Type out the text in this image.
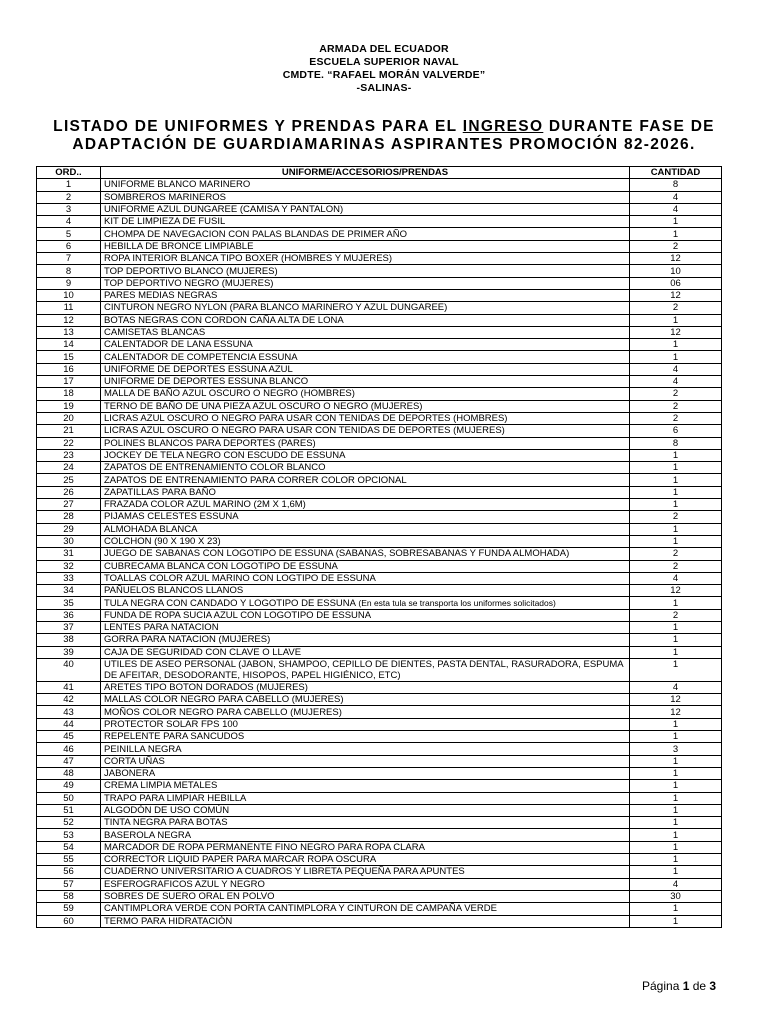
ARMADA DEL ECUADOR
ESCUELA SUPERIOR NAVAL
CMDTE. “RAFAEL MORÁN VALVERDE”
-SALINAS-
LISTADO DE UNIFORMES Y PRENDAS PARA EL INGRESO DURANTE FASE DE
ADAPTACIÓN DE GUARDIAMARINAS ASPIRANTES PROMOCIÓN 82-2026.
ORD..	UNIFORME/ACCESORIOS/PRENDAS	CANTIDAD
1	UNIFORME BLANCO MARINERO	8
2	SOMBREROS MARINEROS	4
3	UNIFORME AZUL DUNGAREE (CAMISA Y PANTALON)	4
4	KIT DE LIMPIEZA DE FUSIL	1
5	CHOMPA DE NAVEGACION CON PALAS BLANDAS DE PRIMER AÑO	1
6	HEBILLA DE BRONCE LIMPIABLE	2
7	ROPA INTERIOR BLANCA TIPO BOXER (HOMBRES Y MUJERES)	12
8	TOP DEPORTIVO BLANCO (MUJERES)	10
9	TOP DEPORTIVO NEGRO (MUJERES)	06
10	PARES MEDIAS NEGRAS	12
11	CINTURON NEGRO NYLON (PARA BLANCO MARINERO Y AZUL DUNGAREE)	2
12	BOTAS NEGRAS CON CORDON CAÑA ALTA DE LONA	1
13	CAMISETAS BLANCAS	12
14	CALENTADOR DE LANA ESSUNA	1
15	CALENTADOR DE COMPETENCIA ESSUNA	1
16	UNIFORME DE DEPORTES ESSUNA AZUL	4
17	UNIFORME DE DEPORTES ESSUNA BLANCO	4
18	MALLA DE BAÑO AZUL OSCURO O NEGRO (HOMBRES)	2
19	TERNO DE BAÑO DE UNA PIEZA AZUL OSCURO O NEGRO (MUJERES)	2
20	LICRAS AZUL OSCURO O NEGRO PARA USAR CON TENIDAS DE DEPORTES (HOMBRES)	2
21	LICRAS AZUL OSCURO O NEGRO PARA USAR CON TENIDAS DE DEPORTES (MUJERES)	6
22	POLINES BLANCOS PARA DEPORTES (PARES)	8
23	JOCKEY DE TELA NEGRO CON ESCUDO DE ESSUNA	1
24	ZAPATOS DE ENTRENAMIENTO COLOR BLANCO	1
25	ZAPATOS DE ENTRENAMIENTO PARA CORRER COLOR OPCIONAL	1
26	ZAPATILLAS PARA BAÑO	1
27	FRAZADA COLOR AZUL MARINO (2M X 1,6M)	1
28	PIJAMAS CELESTES ESSUNA	2
29	ALMOHADA BLANCA	1
30	COLCHON (90 X 190 X 23)	1
31	JUEGO DE SABANAS CON LOGOTIPO DE ESSUNA (SABANAS, SOBRESABANAS Y FUNDA ALMOHADA)	2
32	CUBRECAMA BLANCA CON LOGOTIPO DE ESSUNA	2
33	TOALLAS COLOR AZUL MARINO CON LOGTIPO DE ESSUNA	4
34	PAÑUELOS BLANCOS LLANOS	12
35	TULA NEGRA CON CANDADO Y LOGOTIPO DE ESSUNA (En esta tula se transporta los uniformes solicitados)	1
36	FUNDA DE ROPA SUCIA AZUL CON LOGOTIPO DE ESSUNA	2
37	LENTES PARA NATACION	1
38	GORRA PARA NATACION (MUJERES)	1
39	CAJA DE SEGURIDAD CON CLAVE O LLAVE	1
40	UTILES DE ASEO PERSONAL (JABON, SHAMPOO, CEPILLO DE DIENTES, PASTA DENTAL, RASURADORA, ESPUMA DE AFEITAR, DESODORANTE, HISOPOS, PAPEL HIGIÉNICO, ETC)	1
41	ARETES TIPO BOTON DORADOS (MUJERES)	4
42	MALLAS COLOR NEGRO PARA CABELLO (MUJERES)	12
43	MOÑOS COLOR NEGRO PARA CABELLO (MUJERES)	12
44	PROTECTOR SOLAR FPS 100	1
45	REPELENTE PARA SANCUDOS	1
46	PEINILLA NEGRA	3
47	CORTA UÑAS	1
48	JABONERA	1
49	CREMA LIMPIA METALES	1
50	TRAPO PARA LIMPIAR HEBILLA	1
51	ALGODÓN DE USO COMÚN	1
52	TINTA NEGRA PARA BOTAS	1
53	BASEROLA NEGRA	1
54	MARCADOR DE ROPA PERMANENTE FINO NEGRO PARA ROPA CLARA	1
55	CORRECTOR LIQUID PAPER PARA MARCAR ROPA OSCURA	1
56	CUADERNO UNIVERSITARIO A CUADROS Y LIBRETA PEQUEÑA PARA APUNTES	1
57	ESFEROGRAFICOS AZUL Y NEGRO	4
58	SOBRES DE SUERO ORAL EN POLVO	30
59	CANTIMPLORA VERDE CON PORTA CANTIMPLORA Y CINTURON DE CAMPAÑA VERDE	1
60	TERMO PARA HIDRATACIÓN	1
Página 1 de 3
